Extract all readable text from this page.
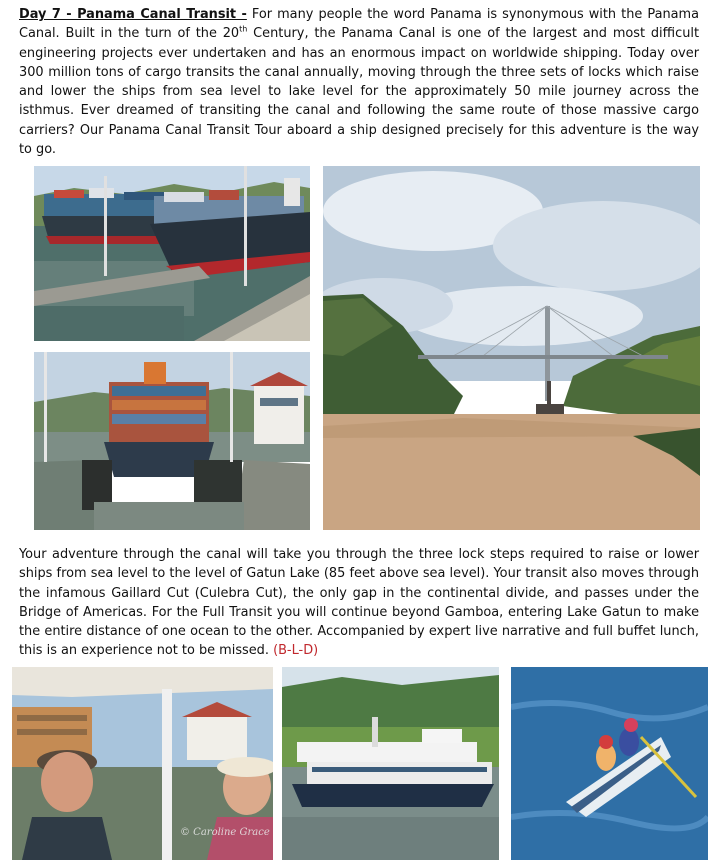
Day 7 - Panama Canal Transit - For many people the word Panama is synonymous with the Panama Canal. Built in the turn of the 20th Century, the Panama Canal is one of the largest and most difficult engineering projects ever undertaken and has an enormous impact on worldwide shipping. Today over 300 million tons of cargo transits the canal annually, moving through the three sets of locks which raise and lower the ships from sea level to lake level for the approximately 50 mile journey across the isthmus. Ever dreamed of transiting the canal and following the same route of those massive cargo carriers? Our Panama Canal Transit Tour aboard a ship designed precisely for this adventure is the way to go.

Your adventure through the canal will take you through the three lock steps required to raise or lower ships from sea level to the level of Gatun Lake (85 feet above sea level). Your transit also moves through the infamous Gaillard Cut (Culebra Cut), the only gap in the continental divide, and passes under the Bridge of Americas. For the Full Transit you will continue beyond Gamboa, entering Lake Gatun to make the entire distance of one ocean to the other. Accompanied by expert live narrative and full buffet lunch, this is an experience not to be missed. (B-L-D)

© Caroline Grace
